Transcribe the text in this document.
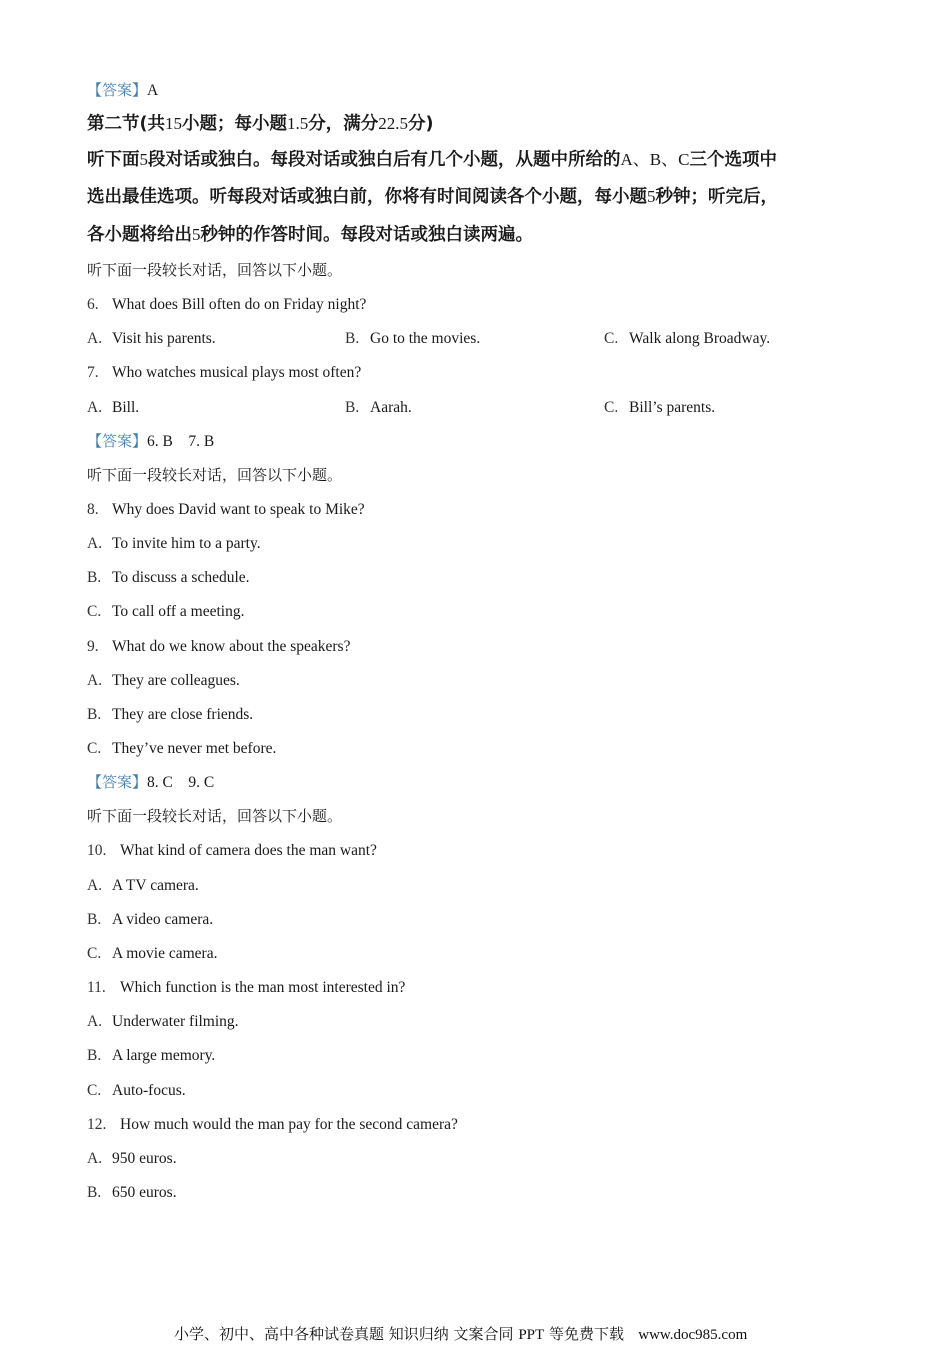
【答案】A
第二节(共15小题；每小题1.5分，满分22.5分)
听下面5段对话或独白。每段对话或独白后有几个小题，从题中所给的A、B、C三个选项中
选出最佳选项。听每段对话或独白前，你将有时间阅读各个小题，每小题5秒钟；听完后，
各小题将给出5秒钟的作答时间。每段对话或独白读两遍。
听下面一段较长对话，回答以下小题。
6. What does Bill often do on Friday night?
A. Visit his parents.	B. Go to the movies.	C. Walk along Broadway.
7. Who watches musical plays most often?
A. Bill.	B. Aarah.	C. Bill’s parents.
【答案】6. B    7. B
听下面一段较长对话，回答以下小题。
8. Why does David want to speak to Mike?
A. To invite him to a party.
B. To discuss a schedule.
C. To call off a meeting.
9. What do we know about the speakers?
A. They are colleagues.
B. They are close friends.
C. They’ve never met before.
【答案】8. C    9. C
听下面一段较长对话，回答以下小题。
10. What kind of camera does the man want?
A. A TV camera.
B. A video camera.
C. A movie camera.
11. Which function is the man most interested in?
A. Underwater filming.
B. A large memory.
C. Auto-focus.
12. How much would the man pay for the second camera?
A. 950 euros.
B. 650 euros.
小学、初中、高中各种试卷真题 知识归纳 文案合同 PPT 等免费下载   www.doc985.com
